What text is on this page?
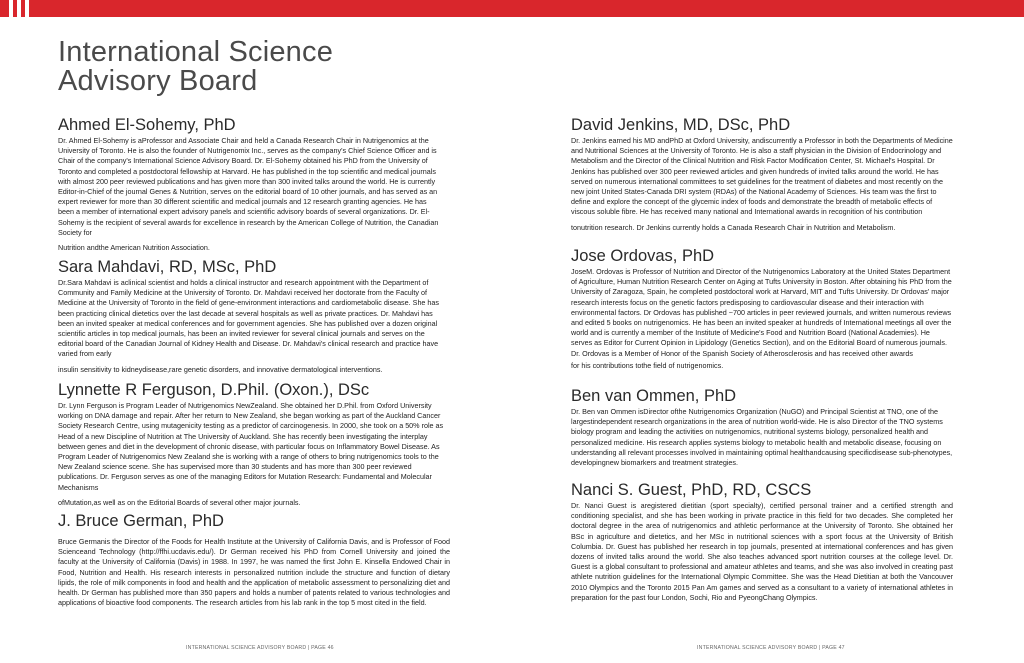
International Science
Advisory Board
Ahmed El-Sohemy, PhD

Dr. Ahmed El-Sohemy is aProfessor and Associate Chair and held a Canada Research Chair in Nutrigenomics at the University of Toronto. He is also the founder of Nutrigenomix Inc., serves as the company's Chief Science Officer and is Chair of the company's International Science Advisory Board. Dr. El-Sohemy obtained his PhD from the University of Toronto and completed a postdoctoral fellowship at Harvard. He has published in the top scientific and medical journals with almost 200 peer reviewed publications and has given more than 300 invited talks around the world. He is currently Editor-in-Chief of the journal Genes & Nutrition, serves on the editorial board of 10 other journals, and has served as an expert reviewer for more than 30 different scientific and medical journals and 12 research granting agencies. He has been a member of international expert advisory panels and scientific advisory boards of several organizations. Dr. El-Sohemy is the recipient of several awards for excellence in research by the American College of Nutrition, the Canadian Society for

Nutrition andthe American Nutrition Association.

Sara Mahdavi, RD, MSc, PhD

Dr.Sara Mahdavi is aclinical scientist and holds a clinical instructor and research appointment with the Department of Community and Family Medicine at the University of Toronto. Dr. Mahdavi received her doctorate from the Faculty of Medicine at the University of Toronto in the field of gene-environment interactions and cardiometabolic disease. She has been practicing clinical dietetics over the last decade at several hospitals as well as private practices. Dr. Mahdavi has been an invited speaker at medical conferences and for government agencies. She has published over a dozen original scientific articles in top medical journals, has been an invited reviewer for several clinical journals and serves on the editorial board of the Canadian Journal of Kidney Health and Disease. Dr. Mahdavi's clinical research and practice have varied from early

insulin sensitivity to kidneydisease,rare genetic disorders, and innovative dermatological interventions.

Lynnette R Ferguson, D.Phil. (Oxon.), DSc

Dr. Lynn Ferguson is Program Leader of Nutrigenomics NewZealand. She obtained her D.Phil. from Oxford University working on DNA damage and repair. After her return to New Zealand, she began working as part of the Auckland Cancer Society Research Centre, using mutagenicity testing as a predictor of carcinogenesis. In 2000, she took on a 50% role as Head of a new Discipline of Nutrition at The University of Auckland. She has recently been investigating the interplay between genes and diet in the development of chronic disease, with particular focus on Inflammatory Bowel Disease. As Program Leader of Nutrigenomics New Zealand she is working with a range of others to bring nutrigenomics tools to the New Zealand science scene. She has supervised more than 30 students and has more than 300 peer reviewed publications. Dr. Ferguson serves as one of the managing Editors for Mutation Research: Fundamental and Molecular Mechanisms

ofMutation,as well as on the Editorial Boards of several other major journals.

J. Bruce German, PhD

Bruce Germanis the Director of the Foods for Health Institute at the University of California Davis, and is Professor of Food Scienceand Technology (http://ffhi.ucdavis.edu/). Dr German received his PhD from Cornell University and joined the faculty at the University of California (Davis) in 1988. In 1997, he was named the first John E. Kinsella Endowed Chair in Food, Nutrition and Health. His research interests in personalized nutrition include the structure and function of dietary lipids, the role of milk components in food and health and the application of metabolic assessment to personalizing diet and health. Dr German has published more than 350 papers and holds a number of patents related to various technologies and applications of bioactive food components. The research articles from his lab rank in the top 5 most cited in the field.

INTERNATIONAL SCIENCE ADVISORY BOARD | PAGE 46
David Jenkins, MD, DSc, PhD

Dr. Jenkins earned his MD andPhD at Oxford University, andiscurrently a Professor in both the Departments of Medicine and Nutritional Sciences at the University of Toronto. He is also a staff physician in the Division of Endocrinology and Metabolism and the Director of the Clinical Nutrition and Risk Factor Modification Center, St. Michael's Hospital. Dr Jenkins has published over 300 peer reviewed articles and given hundreds of invited talks around the world. He has served on numerous international committees to set guidelines for the treatment of diabetes and most recently on the new joint United States-Canada DRI system (RDAs) of the National Academy of Sciences. His team was the first to define and explore the concept of the glycemic index of foods and demonstrate the breadth of metabolic effects of viscous soluble fibre. He has received many national and International awards in recognition of his contribution

tonutrition research. Dr Jenkins currently holds a Canada Research Chair in Nutrition and Metabolism.

Jose Ordovas, PhD

JoseM. Ordovas is Professor of Nutrition and Director of the Nutrigenomics Laboratory at the United States Department of Agriculture, Human Nutrition Research Center on Aging at Tufts University in Boston. After obtaining his PhD from the University of Zaragoza, Spain, he completed postdoctoral work at Harvard, MIT and Tufts University. Dr Ordovas' major research interests focus on the genetic factors predisposing to cardiovascular disease and their interaction with environmental factors. Dr Ordovas has published ~700 articles in peer reviewed journals, and written numerous reviews and edited 5 books on nutrigenomics. He has been an invited speaker at hundreds of International meetings all over the world and is currently a member of the Institute of Medicine's Food and Nutrition Board (National Academies). He serves as Editor for Current Opinion in Lipidology (Genetics Section), and on the Editorial Board of numerous journals. Dr. Ordovas is a Member of Honor of the Spanish Society of Atherosclerosis and has received other awards

for his contributions tothe field of nutrigenomics.

Ben van Ommen, PhD

Dr. Ben van Ommen isDirector ofthe Nutrigenomics Organization (NuGO) and Principal Scientist at TNO, one of the largestindependent research organizations in the area of nutrition world-wide. He is also Director of the TNO systems biology program and leading the activities on nutrigenomics, nutritional systems biology, personalized health and personalized medicine. His research applies systems biology to metabolic health and metabolic disease, focusing on understanding all relevant processes involved in maintaining optimal healthandcausing specificdisease sub-phenotypes, developingnew biomarkers and treatment strategies.

Nanci S. Guest, PhD, RD, CSCS

Dr. Nanci Guest is aregistered dietitian (sport specialty), certified personal trainer and a certified strength and conditioning specialist, and she has been working in private practice in this field for two decades. She completed her doctoral degree in the area of nutrigenomics and athletic performance at the University of Toronto. She obtained her BSc in agriculture and dietetics, and her MSc in nutritional sciences with a sport focus at the University of British Columbia. Dr. Guest has published her research in top journals, presented at international conferences and has given dozens of invited talks around the world. She also teaches advanced sport nutrition courses at the college level. Dr. Guest is a global consultant to professional and amateur athletes and teams, and she was also involved in creating past athlete nutrition guidelines for the International Olympic Committee. She was the Head Dietitian at both the Vancouver 2010 Olympics and the Toronto 2015 Pan Am games and served as a consultant to a variety of international athletes in preparation for the past four London, Sochi, Rio and PyeongChang Olympics.

INTERNATIONAL SCIENCE ADVISORY BOARD | PAGE 47
